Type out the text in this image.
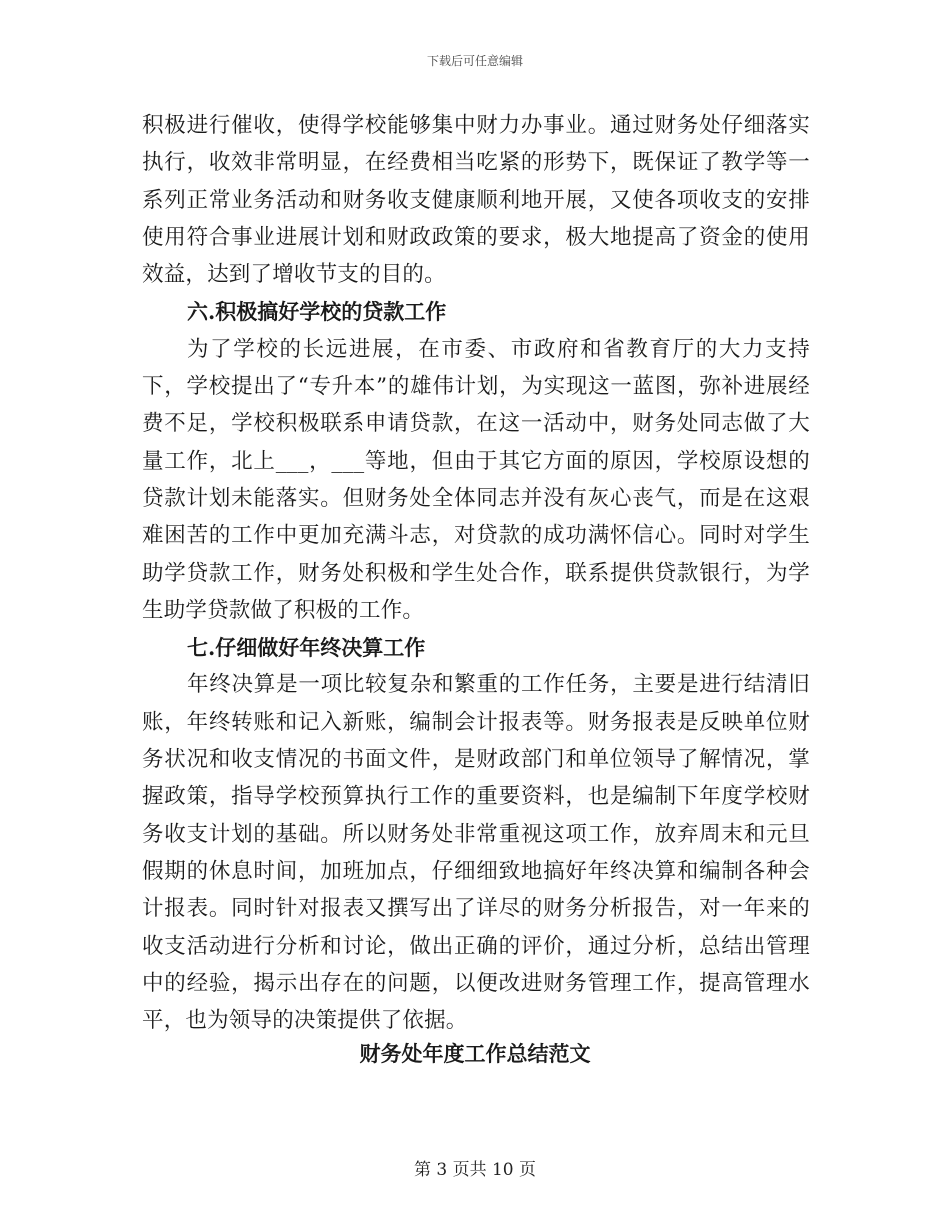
下载后可任意编辑

积极进行催收，使得学校能够集中财力办事业。通过财务处仔细落实执行，收效非常明显，在经费相当吃紧的形势下，既保证了教学等一系列正常业务活动和财务收支健康顺利地开展，又使各项收支的安排使用符合事业进展计划和财政政策的要求，极大地提高了资金的使用效益，达到了增收节支的目的。

六.积极搞好学校的贷款工作

为了学校的长远进展，在市委、市政府和省教育厅的大力支持下，学校提出了“专升本”的雄伟计划，为实现这一蓝图，弥补进展经费不足，学校积极联系申请贷款，在这一活动中，财务处同志做了大量工作，北上___，___等地，但由于其它方面的原因，学校原设想的贷款计划未能落实。但财务处全体同志并没有灰心丧气，而是在这艰难困苦的工作中更加充满斗志，对贷款的成功满怀信心。同时对学生助学贷款工作，财务处积极和学生处合作，联系提供贷款银行，为学生助学贷款做了积极的工作。

七.仔细做好年终决算工作

年终决算是一项比较复杂和繁重的工作任务，主要是进行结清旧账，年终转账和记入新账，编制会计报表等。财务报表是反映单位财务状况和收支情况的书面文件，是财政部门和单位领导了解情况，掌握政策，指导学校预算执行工作的重要资料，也是编制下年度学校财务收支计划的基础。所以财务处非常重视这项工作，放弃周末和元旦假期的休息时间，加班加点，仔细细致地搞好年终决算和编制各种会计报表。同时针对报表又撰写出了详尽的财务分析报告，对一年来的收支活动进行分析和讨论，做出正确的评价，通过分析，总结出管理中的经验，揭示出存在的问题，以便改进财务管理工作，提高管理水平，也为领导的决策提供了依据。

财务处年度工作总结范文
第 3 页共 10 页
